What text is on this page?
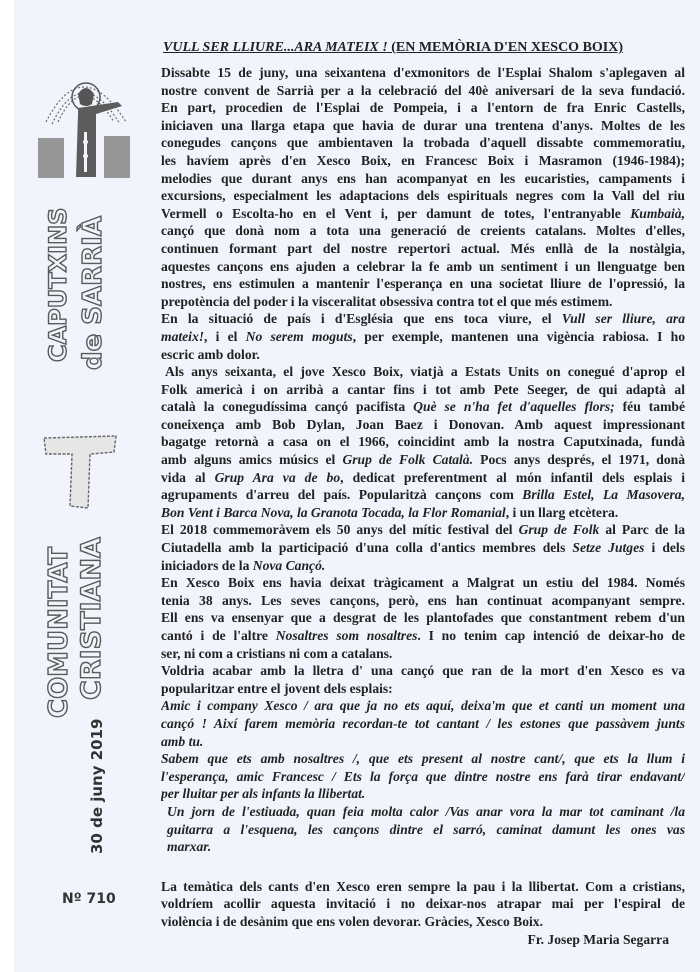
CAPUTXINS de SARRIÀ
COMUNITAT CRISTIANA
30 de juny 2019
Nº 710
VULL SER LLIURE...ARA MATEIX ! (EN MEMÒRIA D'EN XESCO BOIX)
Dissabte 15 de juny, una seixantena d'exmonitors de l'Esplai Shalom s'aplegaven al
nostre convent de Sarrià per a la celebració del 40è aniversari de la seva fundació.
En part, procedien de l'Esplai de Pompeia, i a l'entorn de fra Enric Castells,
iniciaven una llarga etapa que havia de durar una trentena d'anys. Moltes de les
conegudes cançons que ambientaven la trobada d'aquell dissabte commemoratiu,
les havíem après d'en Xesco Boix, en Francesc Boix i Masramon (1946-1984);
melodies que durant anys ens han acompanyat en les eucaristies, campaments i
excursions, especialment les adaptacions dels espirituals negres com la Vall del riu
Vermell o Escolta-ho en el Vent i, per damunt de totes, l'entranyable Kumbaià,
cançó que donà nom a tota una generació de creients catalans. Moltes d'elles,
continuen formant part del nostre repertori actual. Més enllà de la nostàlgia,
aquestes cançons ens ajuden a celebrar la fe amb un sentiment i un llenguatge ben
nostres, ens estimulen a mantenir l'esperança en una societat lliure de l'opressió, la
prepotència del poder i la visceralitat obsessiva contra tot el que més estimem.
En la situació de país i d'Església que ens toca viure, el Vull ser lliure, ara
mateix!, i el No serem moguts, per exemple, mantenen una vigència rabiosa. I ho
escric amb dolor.
Als anys seixanta, el jove Xesco Boix, viatjà a Estats Units on conegué d'aprop el
Folk americà i on arribà a cantar fins i tot amb Pete Seeger, de qui adaptà al
català la conegudíssima cançó pacifista Què se n'ha fet d'aquelles flors; féu també
coneixença amb Bob Dylan, Joan Baez i Donovan. Amb aquest impressionant
bagatge retornà a casa on el 1966, coincidint amb la nostra Caputxinada, fundà
amb alguns amics músics el Grup de Folk Català. Pocs anys després, el 1971, donà
vida al Grup Ara va de bo, dedicat preferentment al món infantil dels esplais i
agrupaments d'arreu del país. Popularitzà cançons com Brilla Estel, La Masovera,
Bon Vent i Barca Nova, la Granota Tocada, la Flor Romanial, i un llarg etcètera.
El 2018 commemoràvem els 50 anys del mític festival del Grup de Folk al Parc de la
Ciutadella amb la participació d'una colla d'antics membres dels Setze Jutges i dels
iniciadors de la Nova Cançó.
En Xesco Boix ens havia deixat tràgicament a Malgrat un estiu del 1984. Només
tenia 38 anys. Les seves cançons, però, ens han continuat acompanyant sempre.
Ell ens va ensenyar que a desgrat de les plantofades que constantment rebem d'un
cantó i de l'altre Nosaltres som nosaltres. I no tenim cap intenció de deixar-ho de
ser, ni com a cristians ni com a catalans.
Voldria acabar amb la lletra d' una cançó que ran de la mort d'en Xesco es va
popularitzar entre el jovent dels esplais:
Amic i company Xesco / ara que ja no ets aquí, deixa'm que et canti un moment una
cançó ! Així farem memòria recordan-te tot cantant / les estones que passàvem junts
amb tu.
Sabem que ets amb nosaltres /, que ets present al nostre cant/, que ets la llum i
l'esperança, amic Francesc / Ets la força que dintre nostre ens farà tirar endavant/
per lluitar per als infants la llibertat.
Un jorn de l'estiuada, quan feia molta calor /Vas anar vora la mar tot caminant /la
guitarra a l'esquena, les cançons dintre el sarró, caminat damunt les ones vas
marxar.
La temàtica dels cants d'en Xesco eren sempre la pau i la llibertat. Com a cristians,
voldríem acollir aquesta invitació i no deixar-nos atrapar mai per l'espiral de
violència i de desànim que ens volen devorar. Gràcies, Xesco Boix.
Fr. Josep Maria Segarra
